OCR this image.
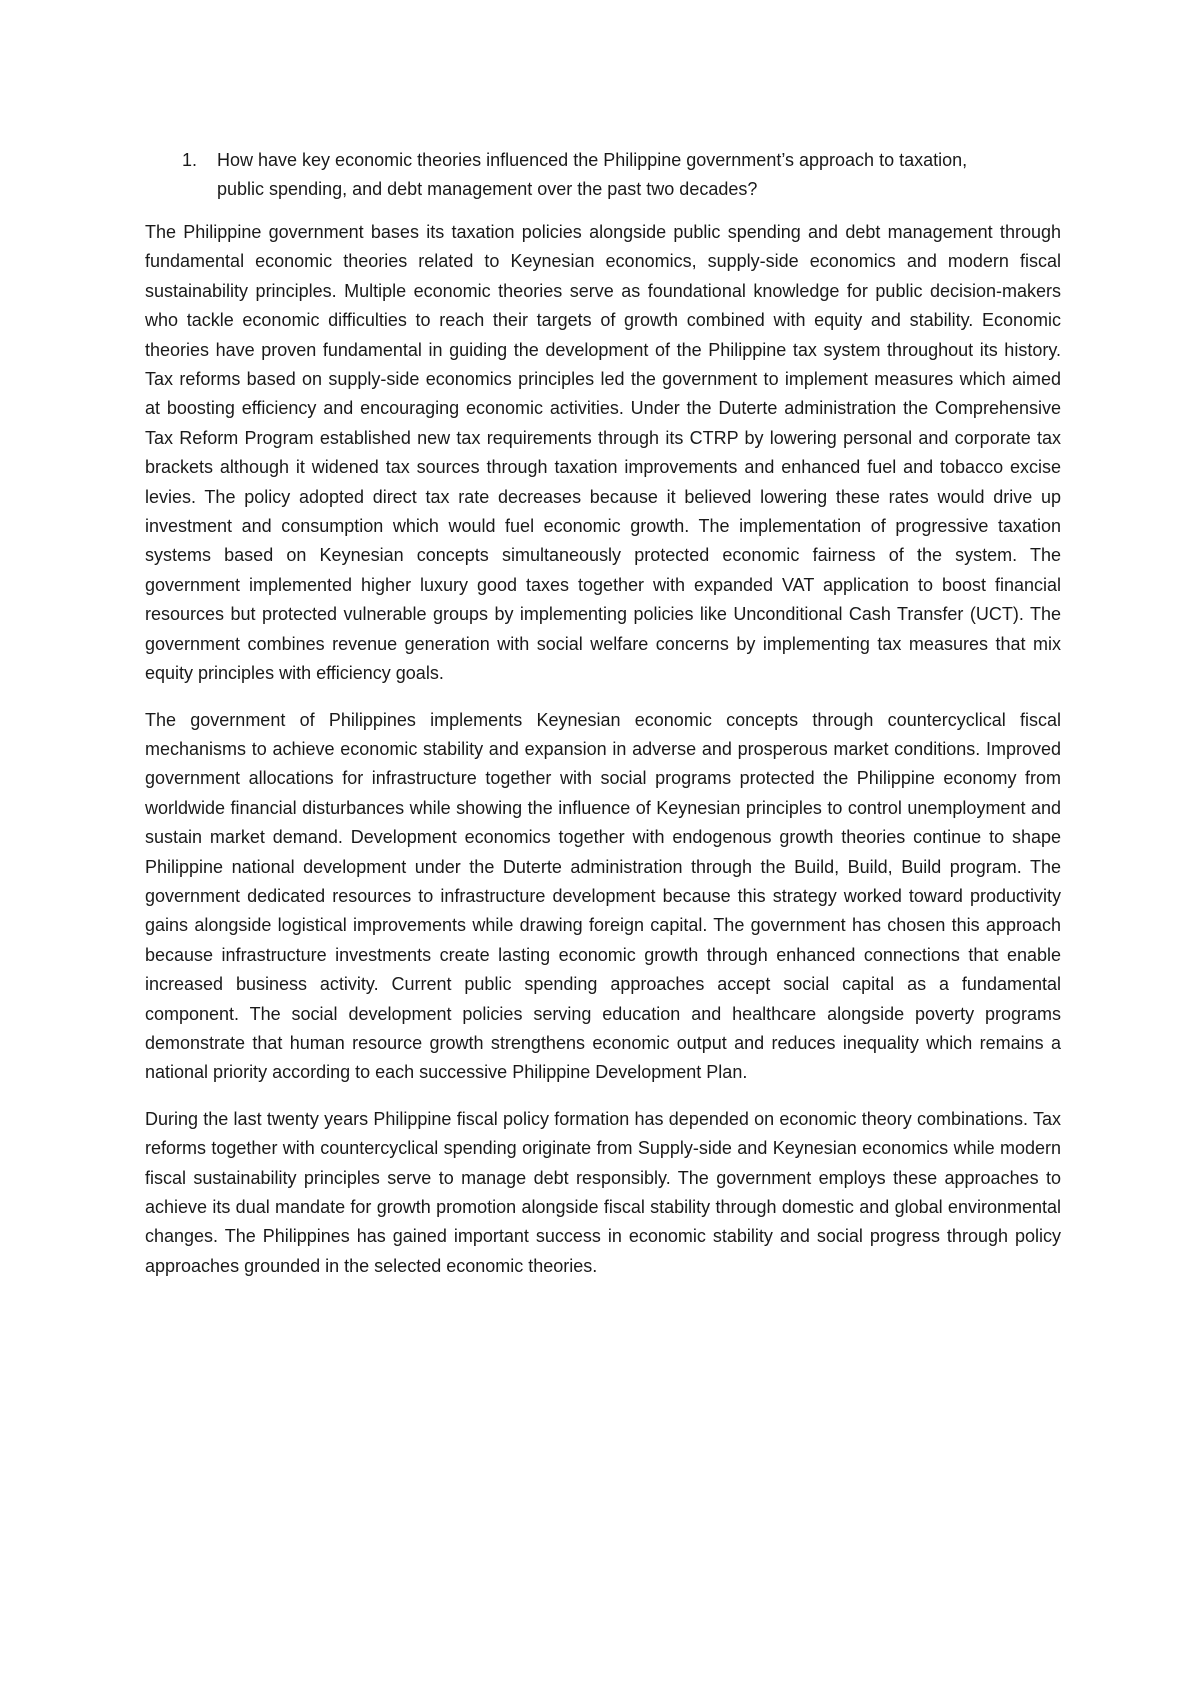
1.	How have key economic theories influenced the Philippine government’s approach to taxation, public spending, and debt management over the past two decades?

The Philippine government bases its taxation policies alongside public spending and debt management through fundamental economic theories related to Keynesian economics, supply-side economics and modern fiscal sustainability principles. Multiple economic theories serve as foundational knowledge for public decision-makers who tackle economic difficulties to reach their targets of growth combined with equity and stability. Economic theories have proven fundamental in guiding the development of the Philippine tax system throughout its history. Tax reforms based on supply-side economics principles led the government to implement measures which aimed at boosting efficiency and encouraging economic activities. Under the Duterte administration the Comprehensive Tax Reform Program established new tax requirements through its CTRP by lowering personal and corporate tax brackets although it widened tax sources through taxation improvements and enhanced fuel and tobacco excise levies. The policy adopted direct tax rate decreases because it believed lowering these rates would drive up investment and consumption which would fuel economic growth. The implementation of progressive taxation systems based on Keynesian concepts simultaneously protected economic fairness of the system. The government implemented higher luxury good taxes together with expanded VAT application to boost financial resources but protected vulnerable groups by implementing policies like Unconditional Cash Transfer (UCT). The government combines revenue generation with social welfare concerns by implementing tax measures that mix equity principles with efficiency goals.

The government of Philippines implements Keynesian economic concepts through countercyclical fiscal mechanisms to achieve economic stability and expansion in adverse and prosperous market conditions. Improved government allocations for infrastructure together with social programs protected the Philippine economy from worldwide financial disturbances while showing the influence of Keynesian principles to control unemployment and sustain market demand. Development economics together with endogenous growth theories continue to shape Philippine national development under the Duterte administration through the Build, Build, Build program. The government dedicated resources to infrastructure development because this strategy worked toward productivity gains alongside logistical improvements while drawing foreign capital. The government has chosen this approach because infrastructure investments create lasting economic growth through enhanced connections that enable increased business activity. Current public spending approaches accept social capital as a fundamental component. The social development policies serving education and healthcare alongside poverty programs demonstrate that human resource growth strengthens economic output and reduces inequality which remains a national priority according to each successive Philippine Development Plan.

During the last twenty years Philippine fiscal policy formation has depended on economic theory combinations. Tax reforms together with countercyclical spending originate from Supply-side and Keynesian economics while modern fiscal sustainability principles serve to manage debt responsibly. The government employs these approaches to achieve its dual mandate for growth promotion alongside fiscal stability through domestic and global environmental changes. The Philippines has gained important success in economic stability and social progress through policy approaches grounded in the selected economic theories.
